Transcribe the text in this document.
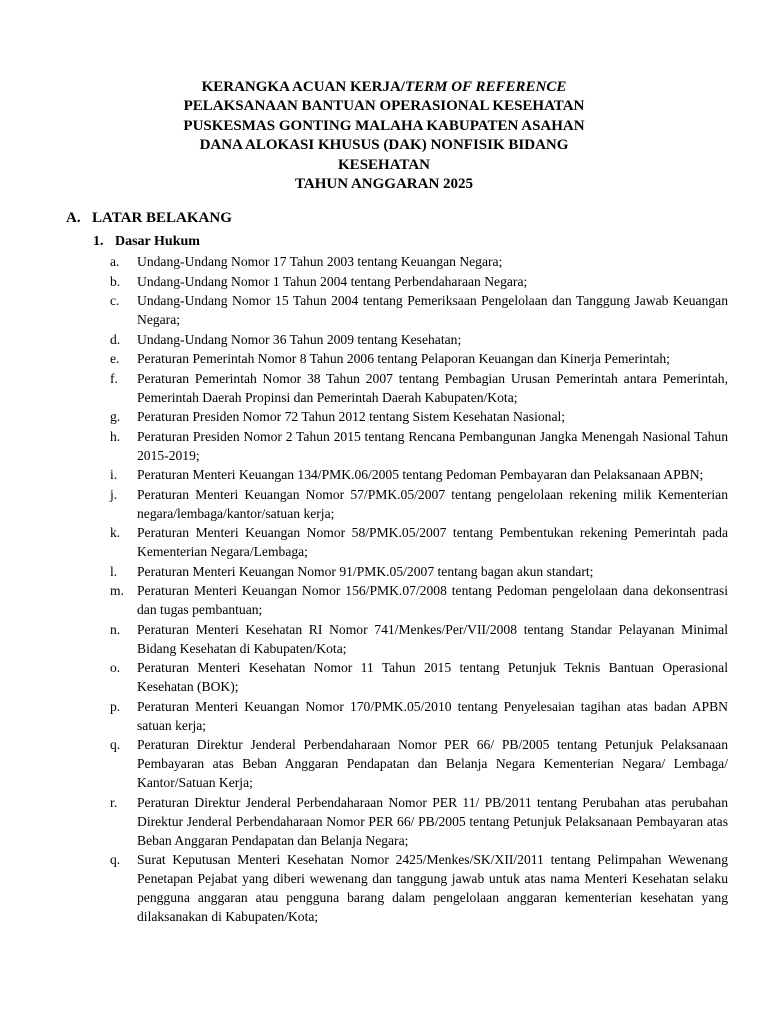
KERANGKA ACUAN KERJA/TERM OF REFERENCE
PELAKSANAAN BANTUAN OPERASIONAL KESEHATAN
PUSKESMAS GONTING MALAHA KABUPATEN ASAHAN
DANA ALOKASI KHUSUS (DAK) NONFISIK BIDANG
KESEHATAN
TAHUN ANGGARAN 2025
A. LATAR BELAKANG
1. Dasar Hukum
a.	Undang-Undang Nomor 17 Tahun 2003 tentang Keuangan Negara;
b.	Undang-Undang Nomor 1 Tahun 2004 tentang Perbendaharaan Negara;
c.	Undang-Undang Nomor 15 Tahun 2004 tentang Pemeriksaan Pengelolaan dan Tanggung Jawab Keuangan Negara;
d.	Undang-Undang Nomor 36 Tahun 2009 tentang Kesehatan;
e.	Peraturan Pemerintah Nomor 8 Tahun 2006 tentang Pelaporan Keuangan dan Kinerja Pemerintah;
f.	Peraturan Pemerintah Nomor 38 Tahun 2007 tentang Pembagian Urusan Pemerintah antara Pemerintah, Pemerintah Daerah Propinsi dan Pemerintah Daerah Kabupaten/Kota;
g.	Peraturan Presiden Nomor 72 Tahun 2012 tentang Sistem Kesehatan Nasional;
h.	Peraturan Presiden Nomor 2 Tahun 2015 tentang Rencana Pembangunan Jangka Menengah Nasional Tahun 2015-2019;
i.	Peraturan Menteri Keuangan 134/PMK.06/2005 tentang Pedoman Pembayaran dan Pelaksanaan APBN;
j.	Peraturan Menteri Keuangan Nomor 57/PMK.05/2007 tentang pengelolaan rekening milik Kementerian negara/lembaga/kantor/satuan kerja;
k.	Peraturan Menteri Keuangan Nomor 58/PMK.05/2007 tentang Pembentukan rekening Pemerintah pada Kementerian Negara/Lembaga;
l.	Peraturan Menteri Keuangan Nomor 91/PMK.05/2007 tentang bagan akun standart;
m. Peraturan Menteri Keuangan Nomor 156/PMK.07/2008 tentang Pedoman pengelolaan dana dekonsentrasi dan tugas pembantuan;
n.	Peraturan Menteri Kesehatan RI Nomor 741/Menkes/Per/VII/2008 tentang Standar Pelayanan Minimal Bidang Kesehatan di Kabupaten/Kota;
o.	Peraturan Menteri Kesehatan Nomor 11 Tahun 2015 tentang Petunjuk Teknis Bantuan Operasional Kesehatan (BOK);
p.	Peraturan Menteri Keuangan Nomor 170/PMK.05/2010 tentang Penyelesaian tagihan atas badan APBN satuan kerja;
q.	Peraturan Direktur Jenderal Perbendaharaan Nomor PER 66/ PB/2005 tentang Petunjuk Pelaksanaan Pembayaran atas Beban Anggaran Pendapatan dan Belanja Negara Kementerian Negara/ Lembaga/ Kantor/Satuan Kerja;
r.	Peraturan Direktur Jenderal Perbendaharaan Nomor PER 11/ PB/2011 tentang Perubahan atas perubahan Direktur Jenderal Perbendaharaan Nomor PER 66/ PB/2005 tentang Petunjuk Pelaksanaan Pembayaran atas Beban Anggaran Pendapatan dan Belanja Negara;
q.	Surat Keputusan Menteri Kesehatan Nomor 2425/Menkes/SK/XII/2011 tentang Pelimpahan Wewenang Penetapan Pejabat yang diberi wewenang dan tanggung jawab untuk atas nama Menteri Kesehatan selaku pengguna anggaran atau pengguna barang dalam pengelolaan anggaran kementerian kesehatan yang dilaksanakan di Kabupaten/Kota;
